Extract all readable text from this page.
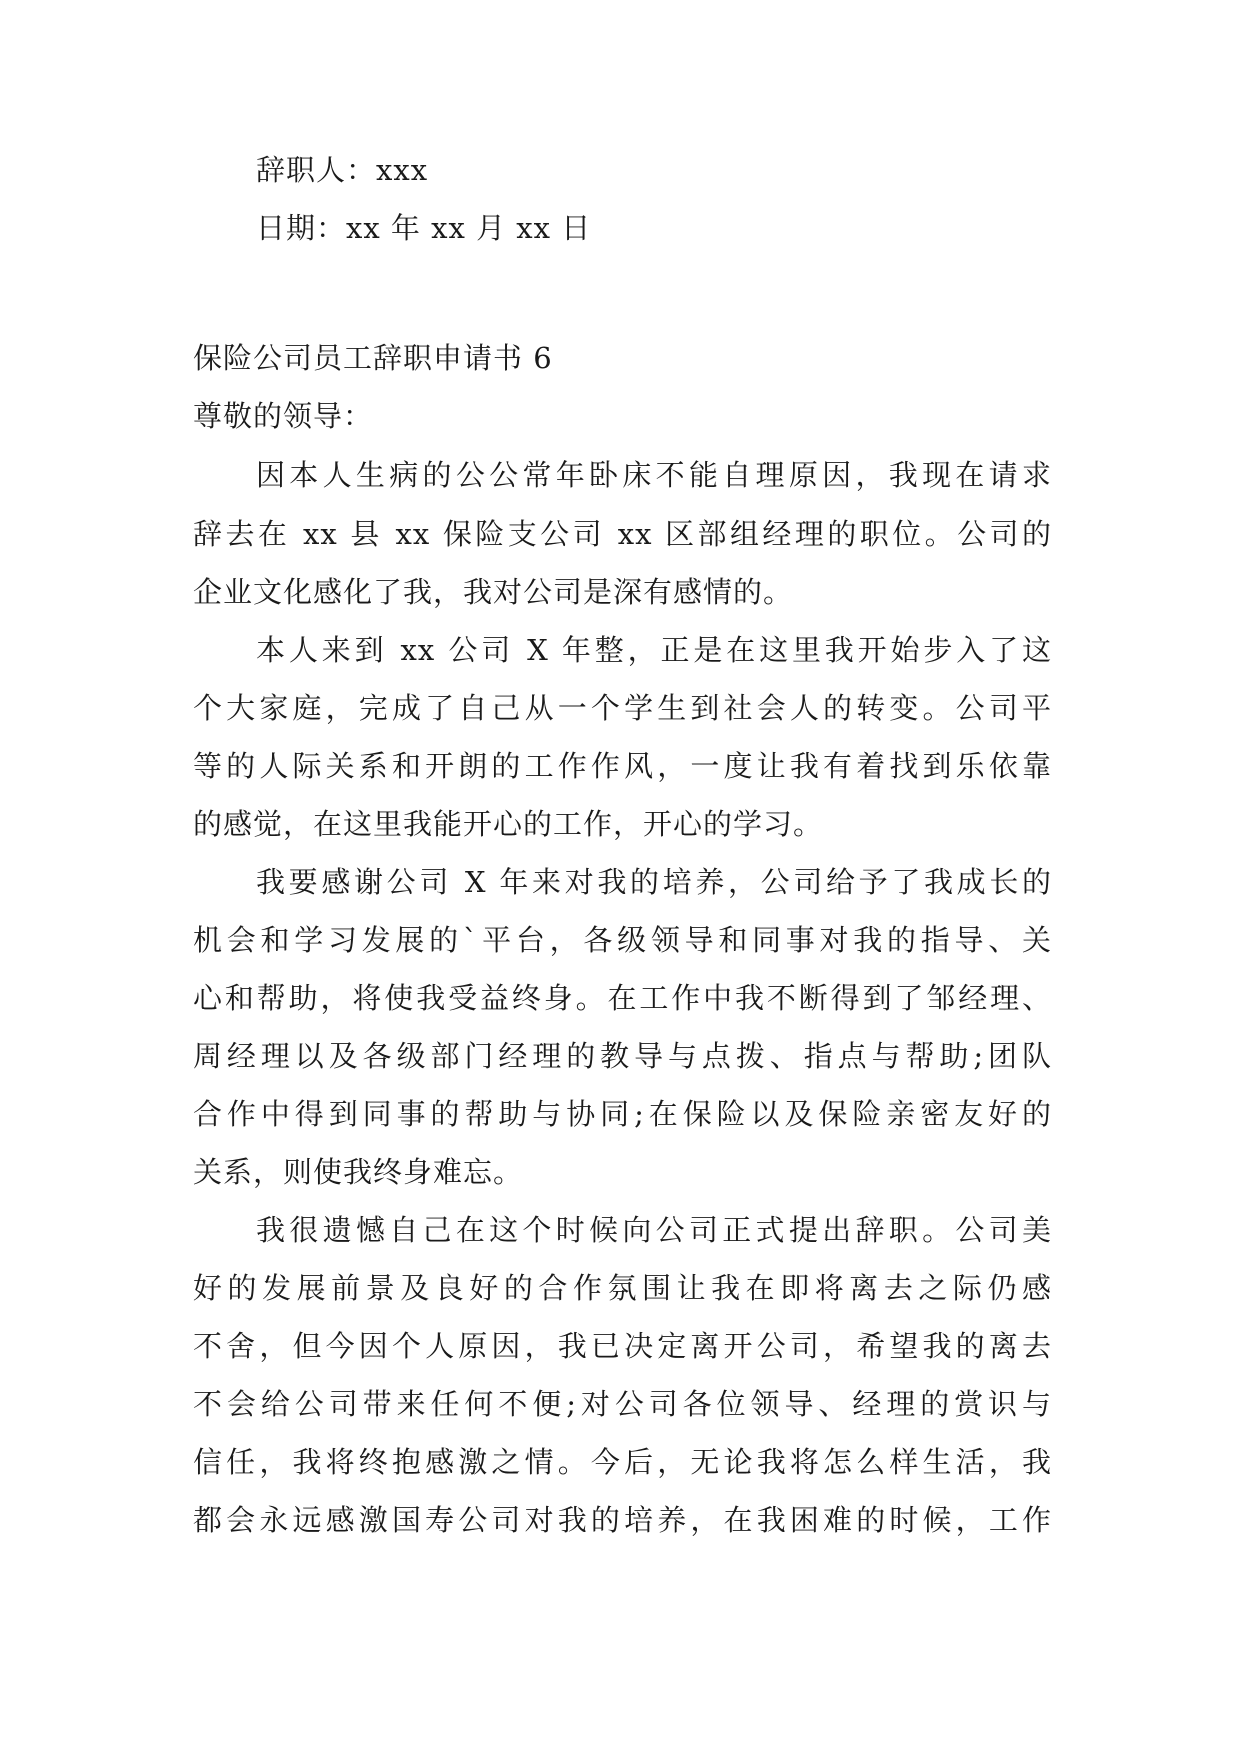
辞职人：xxx
日期：xx 年 xx 月 xx 日
保险公司员工辞职申请书 6
尊敬的领导：
因本人生病的公公常年卧床不能自理原因，我现在请求
辞去在 xx 县 xx 保险支公司 xx 区部组经理的职位。公司的
企业文化感化了我，我对公司是深有感情的。
本人来到 xx 公司 X 年整，正是在这里我开始步入了这
个大家庭，完成了自己从一个学生到社会人的转变。公司平
等的人际关系和开朗的工作作风，一度让我有着找到乐依靠
的感觉，在这里我能开心的工作，开心的学习。
我要感谢公司 X 年来对我的培养，公司给予了我成长的
机会和学习发展的`平台，各级领导和同事对我的指导、关
心和帮助，将使我受益终身。在工作中我不断得到了邹经理、
周经理以及各级部门经理的教导与点拨、指点与帮助;团队
合作中得到同事的帮助与协同;在保险以及保险亲密友好的
关系，则使我终身难忘。
我很遗憾自己在这个时候向公司正式提出辞职。公司美
好的发展前景及良好的合作氛围让我在即将离去之际仍感
不舍，但今因个人原因，我已决定离开公司，希望我的离去
不会给公司带来任何不便;对公司各位领导、经理的赏识与
信任，我将终抱感激之情。今后，无论我将怎么样生活，我
都会永远感激国寿公司对我的培养，在我困难的时候，工作
